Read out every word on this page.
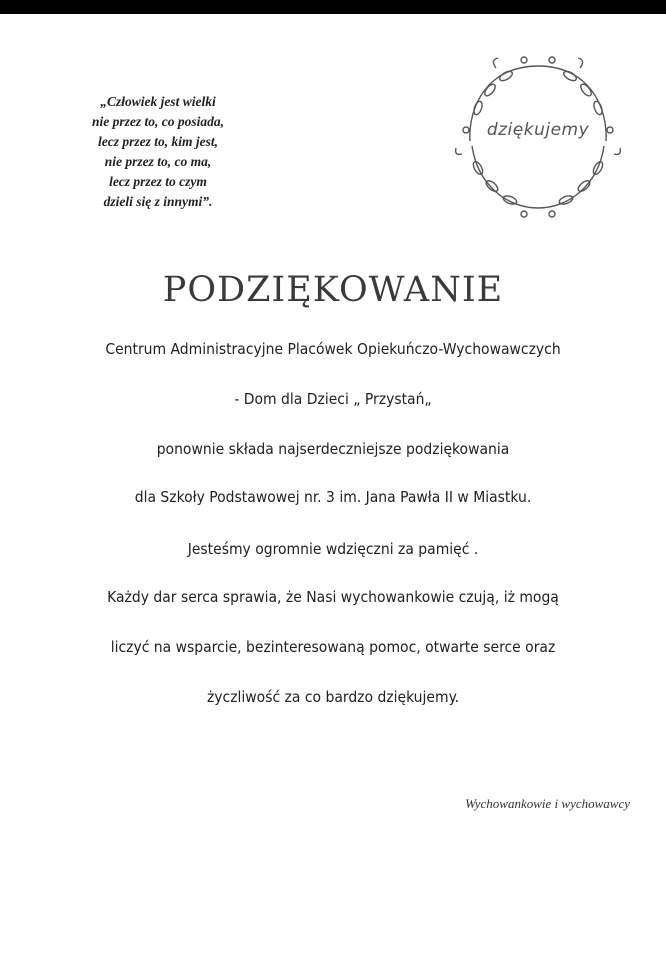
„Człowiek jest wielki
nie przez to, co posiada,
lecz przez to, kim jest,
nie przez to, co ma,
lecz przez to czym
dzieli się z innymi”.
dziękujemy
PODZIĘKOWANIE
Centrum Administracyjne Placówek Opiekuńczo-Wychowawczych
- Dom dla Dzieci „ Przystań„
ponownie składa najserdeczniejsze podziękowania
dla Szkoły Podstawowej nr. 3 im. Jana Pawła II w Miastku.
Jesteśmy ogromnie wdzięczni za pamięć .
Każdy dar serca sprawia, że Nasi wychowankowie czują, iż mogą
liczyć na wsparcie, bezinteresowaną pomoc, otwarte serce oraz
życzliwość za co bardzo dziękujemy.
Wychowankowie i wychowawcy
